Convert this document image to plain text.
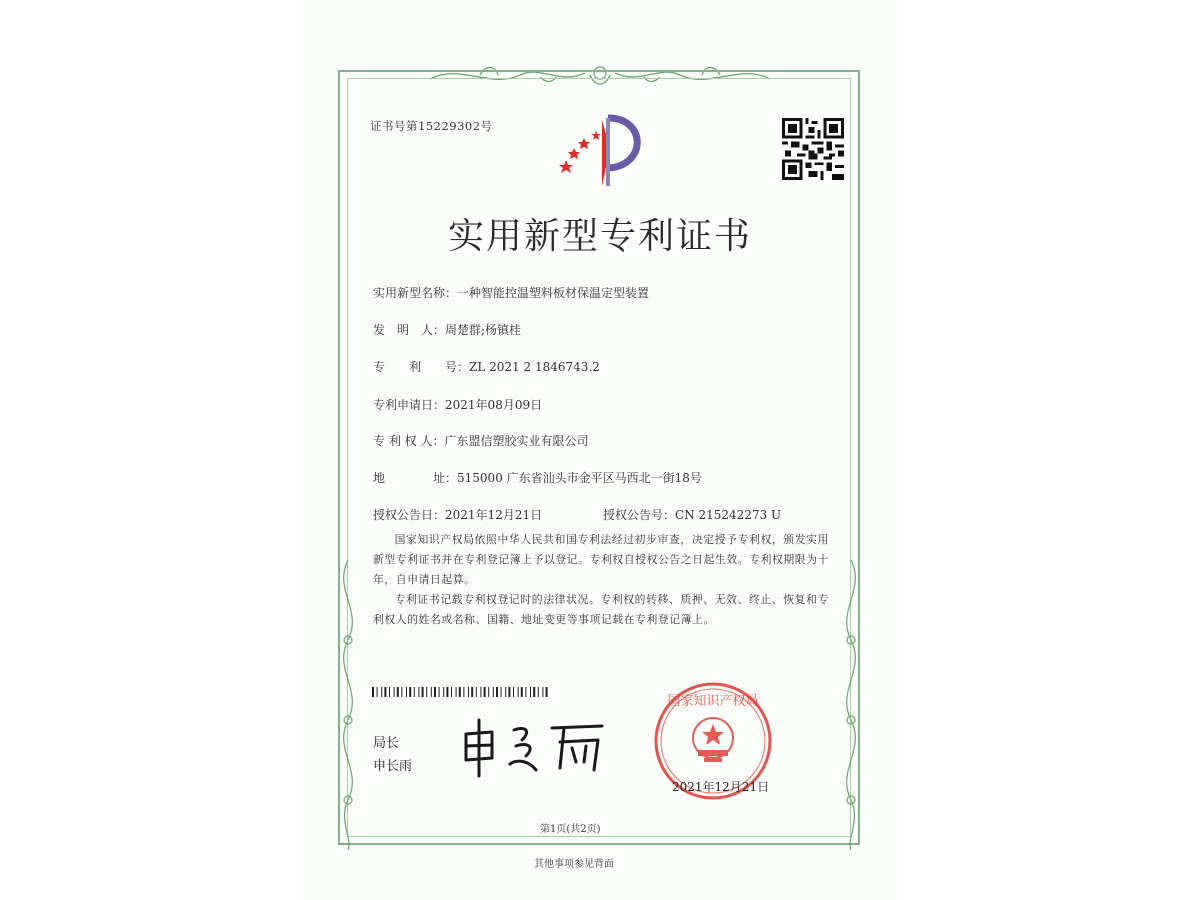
证书号第15229302号
实用新型专利证书
实用新型名称：一种智能控温塑料板材保温定型装置
发　明　人：周楚群;杨镇桂
专　　利　　号：ZL 2021 2 1846743.2
专利申请日：2021年08月09日
专 利 权 人：广东盟信塑胶实业有限公司
地　　　　址：515000 广东省汕头市金平区马西北一街18号
授权公告日：2021年12月21日	授权公告号：CN 215242273 U
国家知识产权局依照中华人民共和国专利法经过初步审查，决定授予专利权，颁发实用新型专利证书并在专利登记簿上予以登记。专利权自授权公告之日起生效。专利权期限为十年，自申请日起算。
专利证书记载专利权登记时的法律状况。专利权的转移、质押、无效、终止、恢复和专利权人的姓名或名称、国籍、地址变更等事项记载在专利登记簿上。
局长
申长雨
国家知识产权局
2021年12月21日
第1页(共2页)
其他事项参见背面
